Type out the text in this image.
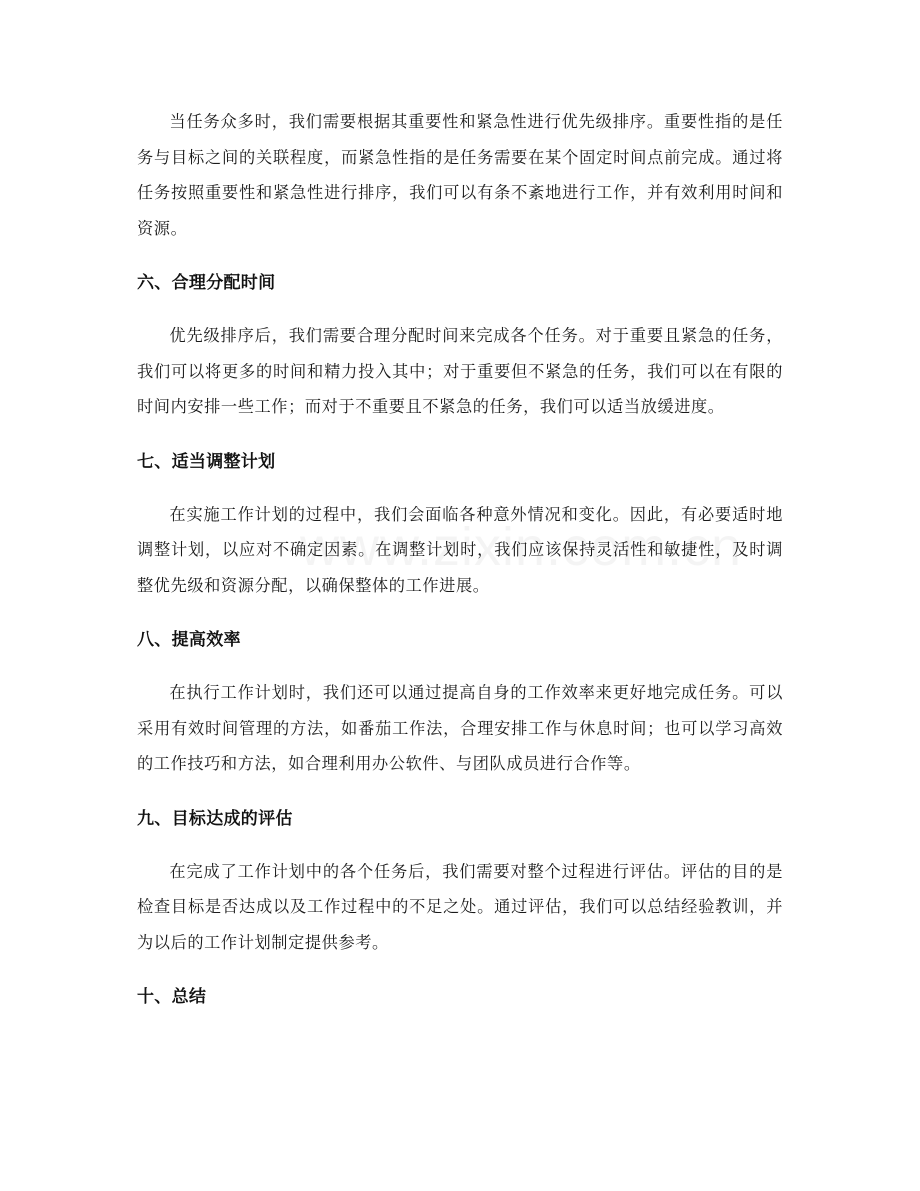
当任务众多时，我们需要根据其重要性和紧急性进行优先级排序。重要性指的是任务与目标之间的关联程度，而紧急性指的是任务需要在某个固定时间点前完成。通过将任务按照重要性和紧急性进行排序，我们可以有条不紊地进行工作，并有效利用时间和资源。

六、合理分配时间

优先级排序后，我们需要合理分配时间来完成各个任务。对于重要且紧急的任务，我们可以将更多的时间和精力投入其中；对于重要但不紧急的任务，我们可以在有限的时间内安排一些工作；而对于不重要且不紧急的任务，我们可以适当放缓进度。

七、适当调整计划

在实施工作计划的过程中，我们会面临各种意外情况和变化。因此，有必要适时地调整计划，以应对不确定因素。在调整计划时，我们应该保持灵活性和敏捷性，及时调整优先级和资源分配，以确保整体的工作进展。

八、提高效率

在执行工作计划时，我们还可以通过提高自身的工作效率来更好地完成任务。可以采用有效时间管理的方法，如番茄工作法，合理安排工作与休息时间；也可以学习高效的工作技巧和方法，如合理利用办公软件、与团队成员进行合作等。

九、目标达成的评估

在完成了工作计划中的各个任务后，我们需要对整个过程进行评估。评估的目的是检查目标是否达成以及工作过程中的不足之处。通过评估，我们可以总结经验教训，并为以后的工作计划制定提供参考。

十、总结
